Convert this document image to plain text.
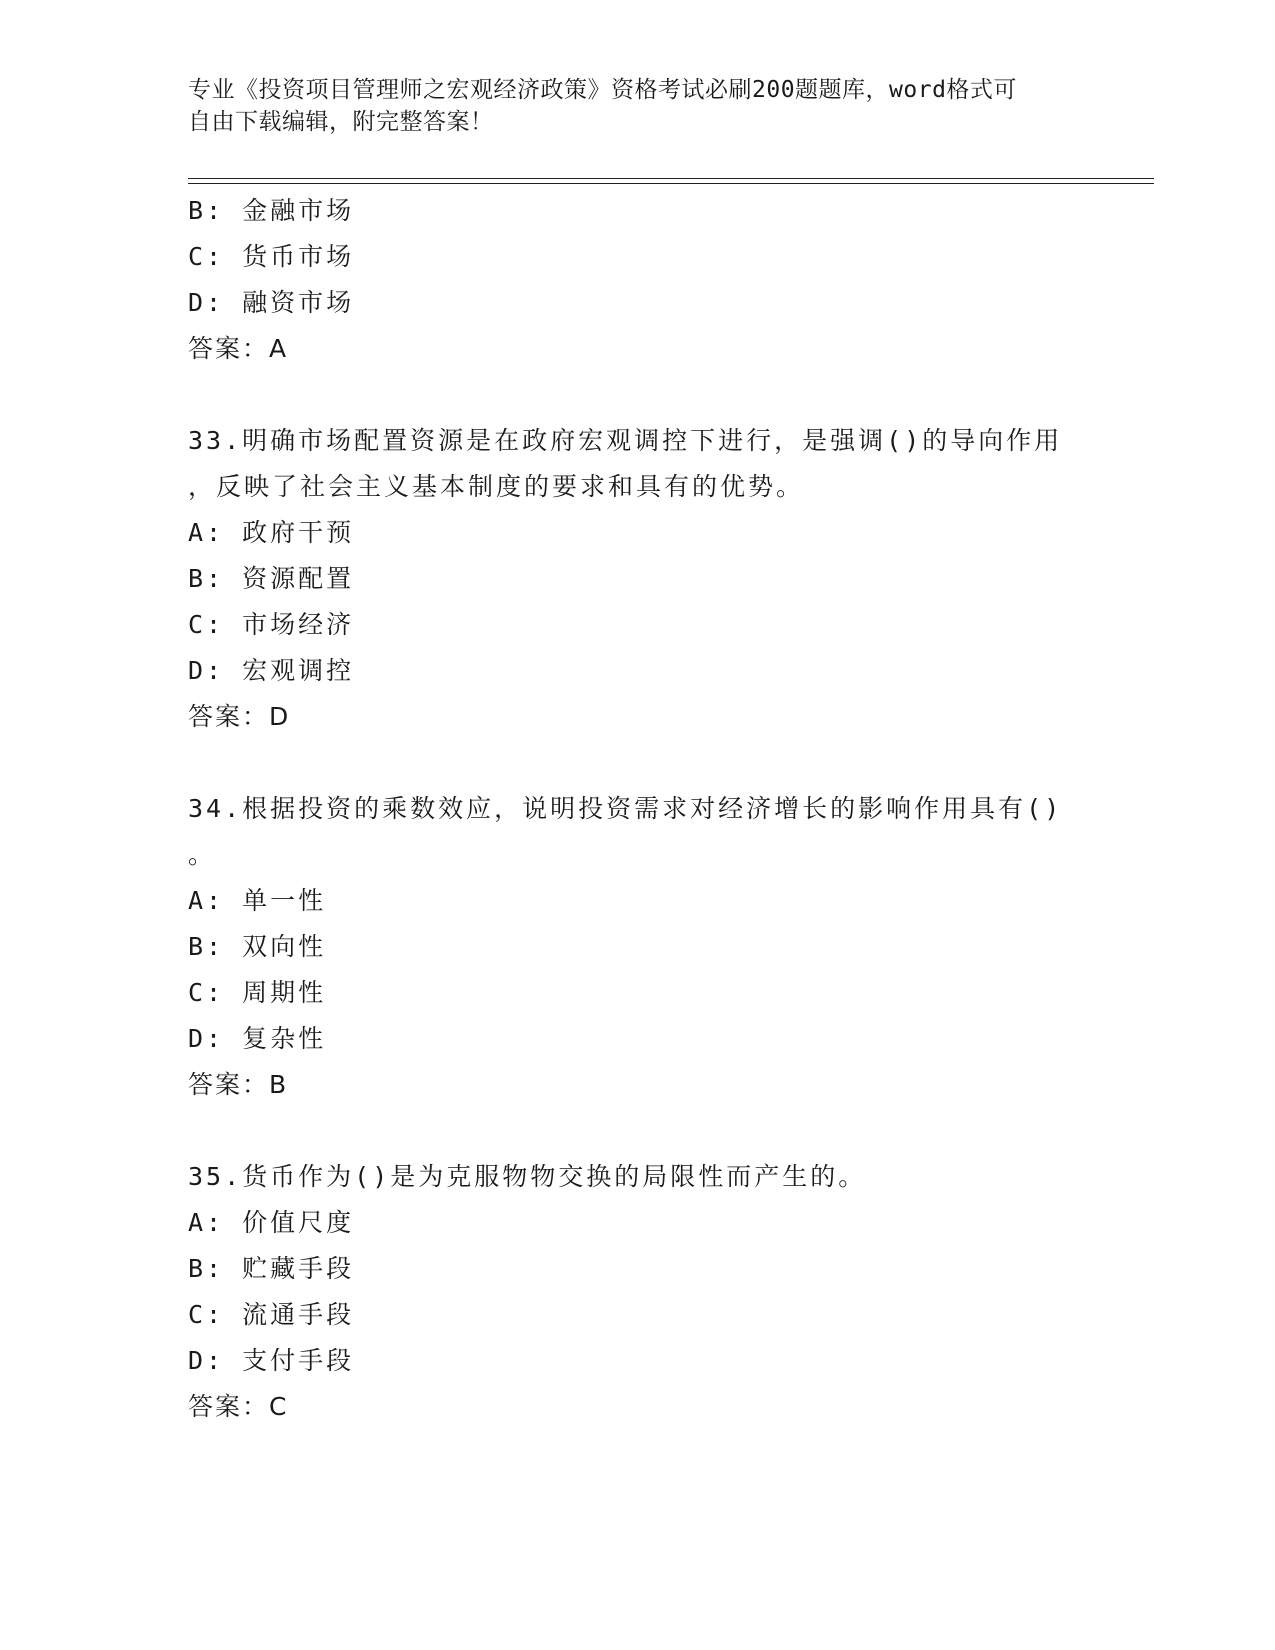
专业《投资项目管理师之宏观经济政策》资格考试必刷200题题库，word格式可
自由下载编辑，附完整答案！
B: 金融市场
C: 货币市场
D: 融资市场
答案：A
33.明确市场配置资源是在政府宏观调控下进行，是强调()的导向作用
，反映了社会主义基本制度的要求和具有的优势。
A: 政府干预
B: 资源配置
C: 市场经济
D: 宏观调控
答案：D
34.根据投资的乘数效应，说明投资需求对经济增长的影响作用具有()
。
A: 单一性
B: 双向性
C: 周期性
D: 复杂性
答案：B
35.货币作为()是为克服物物交换的局限性而产生的。
A: 价值尺度
B: 贮藏手段
C: 流通手段
D: 支付手段
答案：C
